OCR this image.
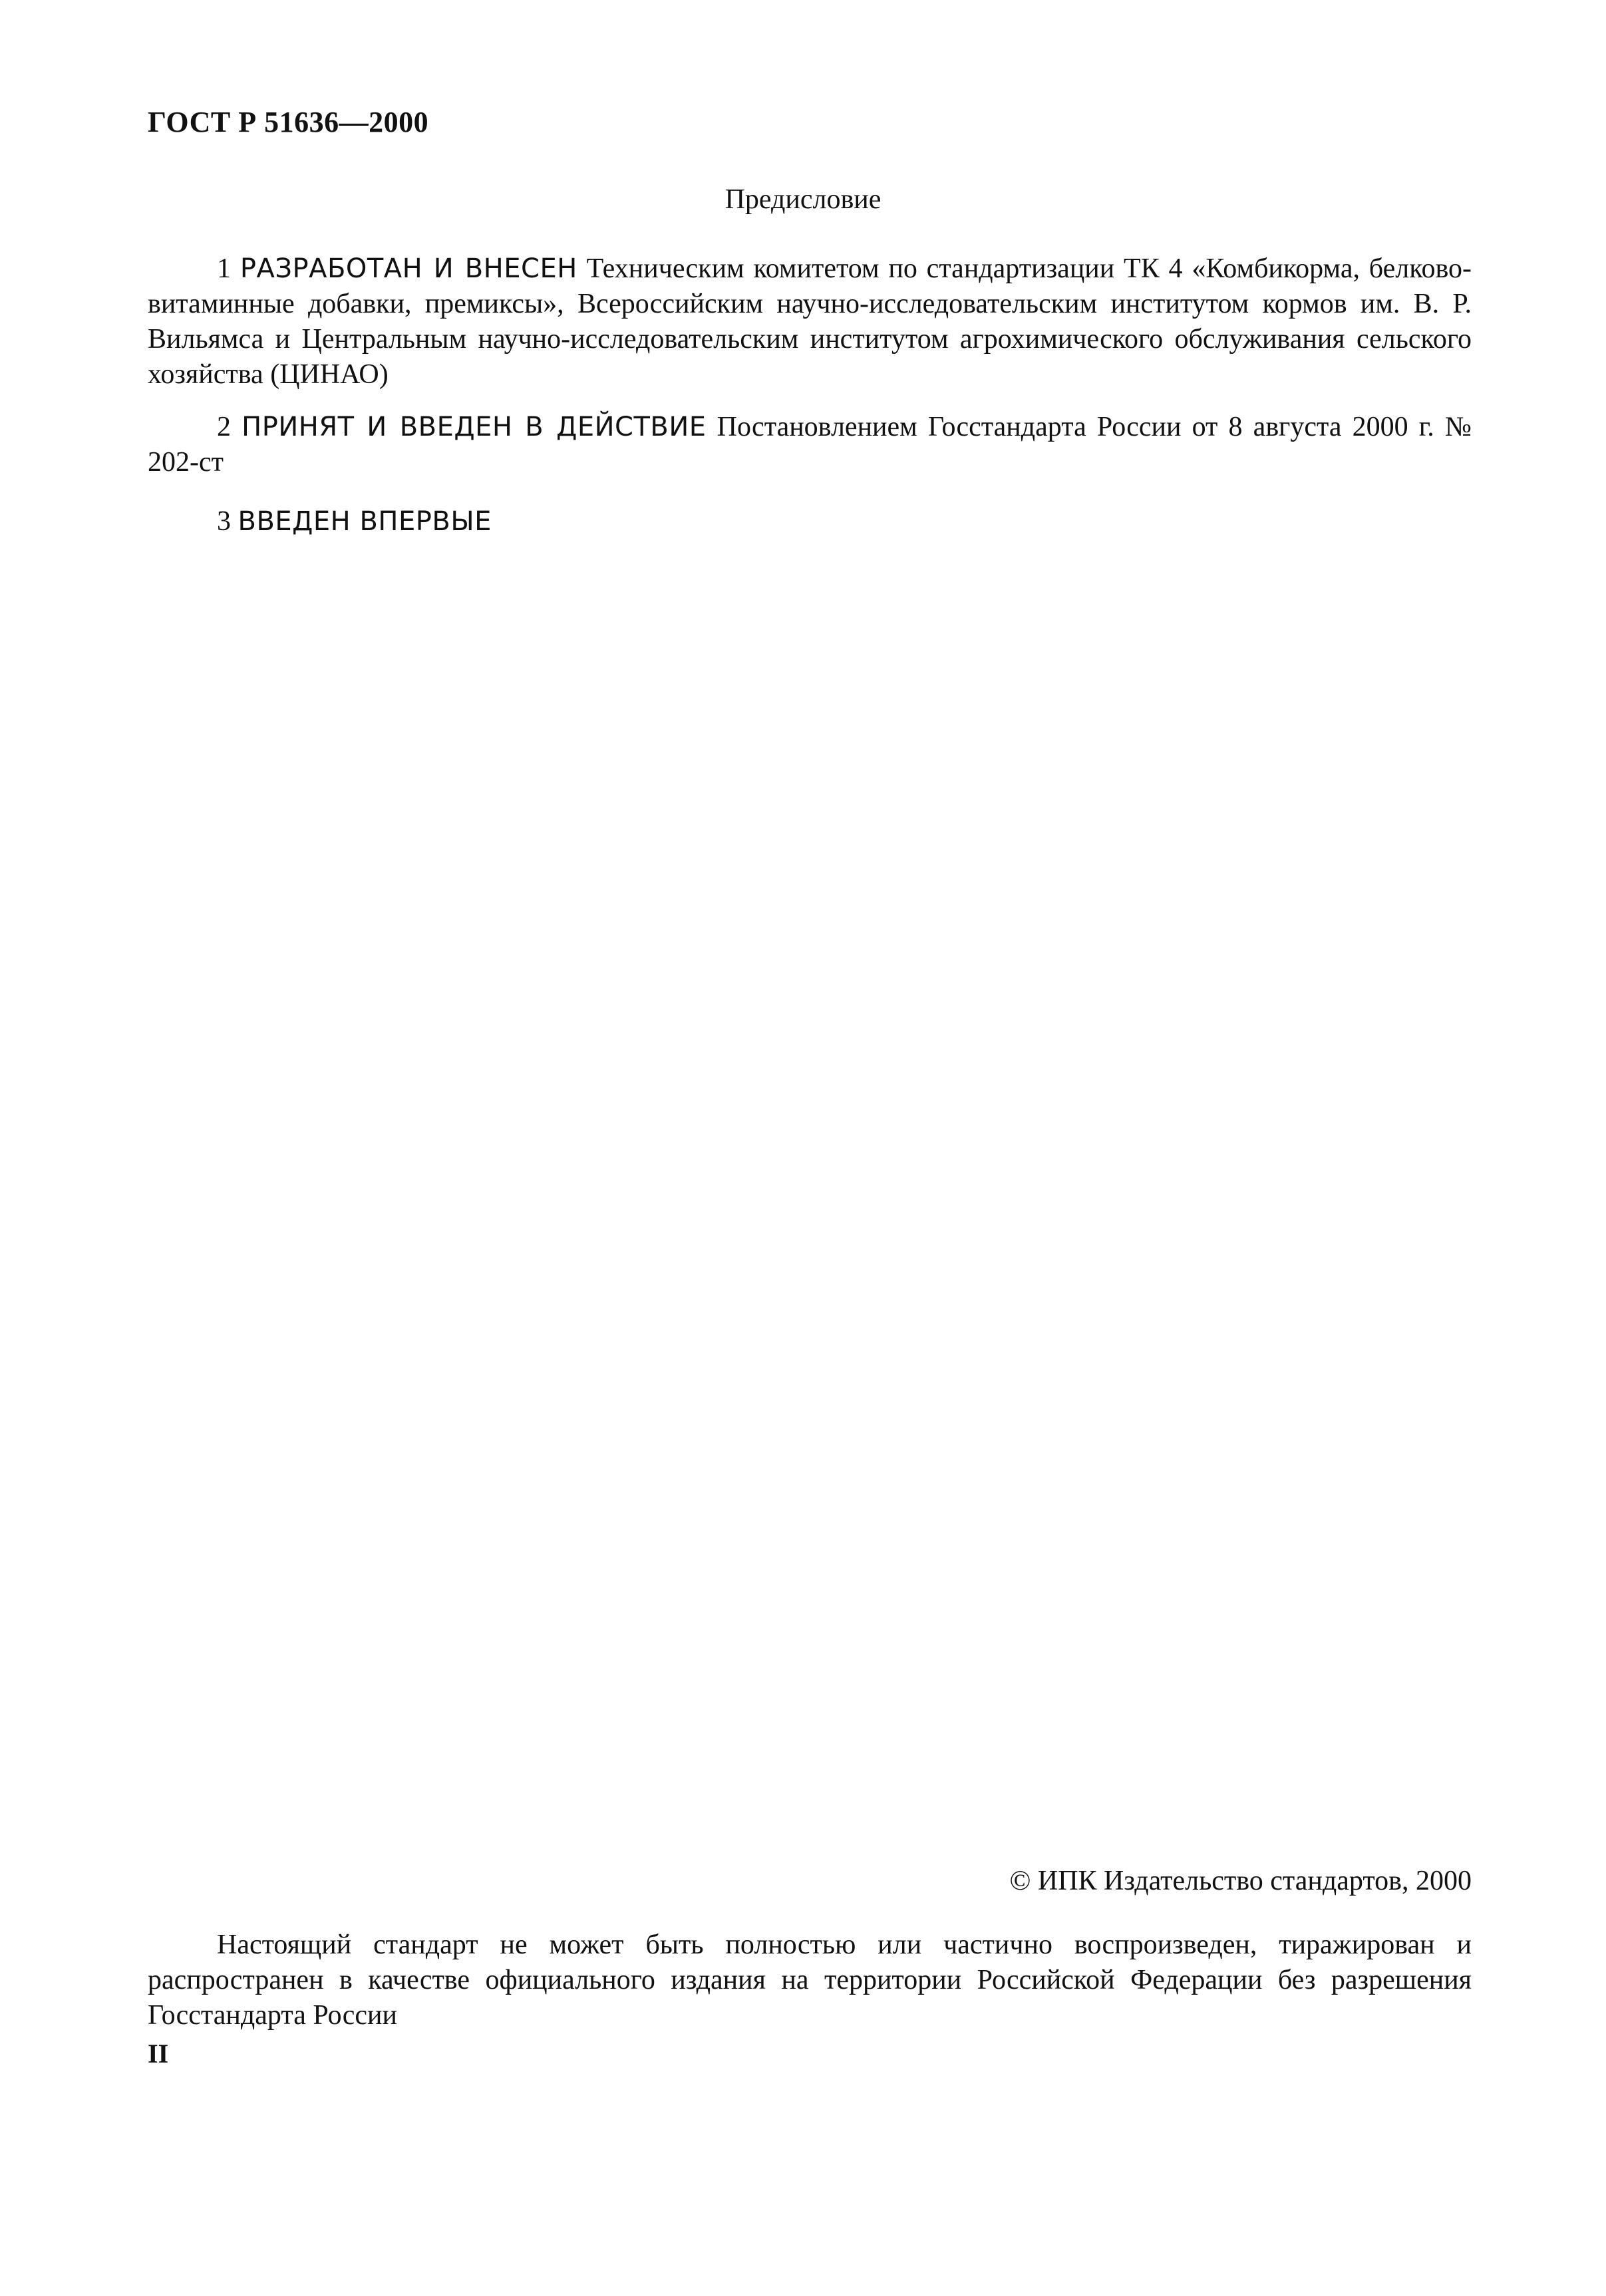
ГОСТ Р 51636—2000
Предисловие
1 РАЗРАБОТАН И ВНЕСЕН Техническим комитетом по стандартизации ТК 4 «Комбикорма, белково-витаминные добавки, премиксы», Всероссийским научно-исследовательским институтом кормов им. В. Р. Вильямса и Центральным научно-исследовательским институтом агрохимического обслуживания сельского хозяйства (ЦИНАО)
2 ПРИНЯТ И ВВЕДЕН В ДЕЙСТВИЕ Постановлением Госстандарта России от 8 августа 2000 г. № 202-ст
3 ВВЕДЕН ВПЕРВЫЕ
© ИПК Издательство стандартов, 2000
Настоящий стандарт не может быть полностью или частично воспроизведен, тиражирован и распространен в качестве официального издания на территории Российской Федерации без разрешения Госстандарта России
II
